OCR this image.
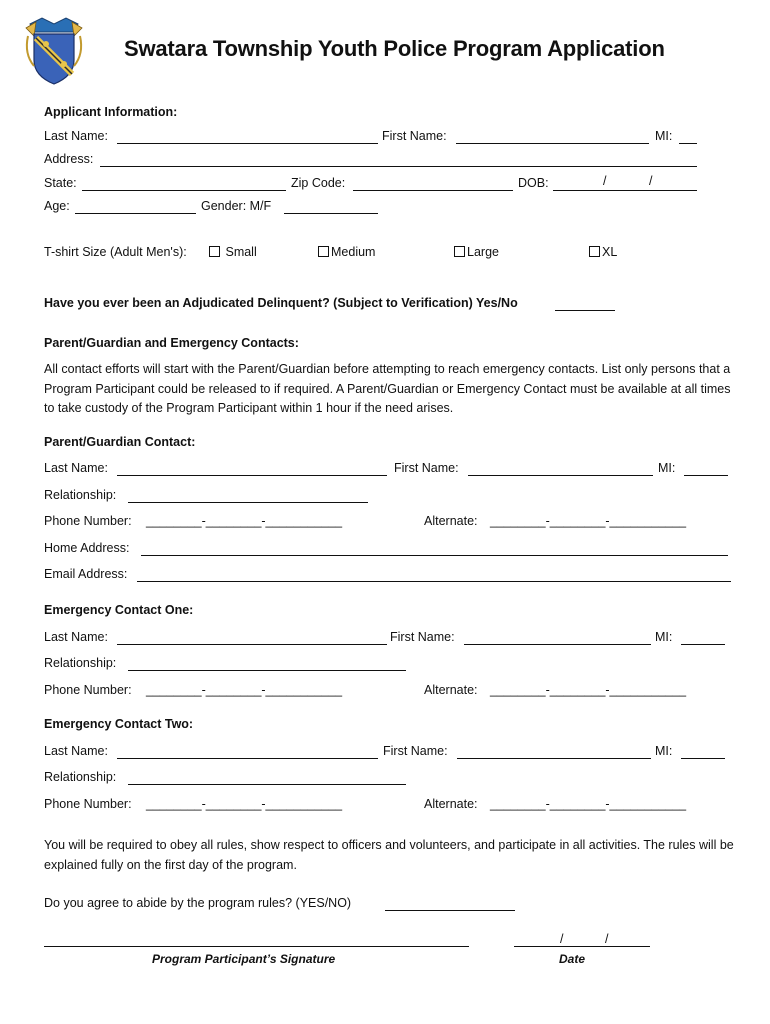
Swatara Township Youth Police Program Application
Applicant Information:
Last Name:	First Name:	MI:
Address:
State:	Zip Code:	DOB:	/	/
Age:	Gender: M/F
T-shirt Size (Adult Men's):	Small	Medium	Large	XL
Have you ever been an Adjudicated Delinquent? (Subject to Verification) Yes/No
Parent/Guardian and Emergency Contacts:
All contact efforts will start with the Parent/Guardian before attempting to reach emergency contacts. List only persons that a Program Participant could be released to if required. A Parent/Guardian or Emergency Contact must be available at all times to take custody of the Program Participant within 1 hour if the need arises.
Parent/Guardian Contact:
Last Name:	First Name:	MI:
Relationship:
Phone Number: ________-________-___________	Alternate: ________-________-___________
Home Address:
Email Address:
Emergency Contact One:
Last Name:	First Name:	MI:
Relationship:
Phone Number: ________-________-___________	Alternate: ________-________-___________
Emergency Contact Two:
Last Name:	First Name:	MI:
Relationship:
Phone Number: ________-________-___________	Alternate: ________-________-___________
You will be required to obey all rules, show respect to officers and volunteers, and participate in all activities. The rules will be explained fully on the first day of the program.
Do you agree to abide by the program rules? (YES/NO)
Program Participant’s Signature
/	/
Date
